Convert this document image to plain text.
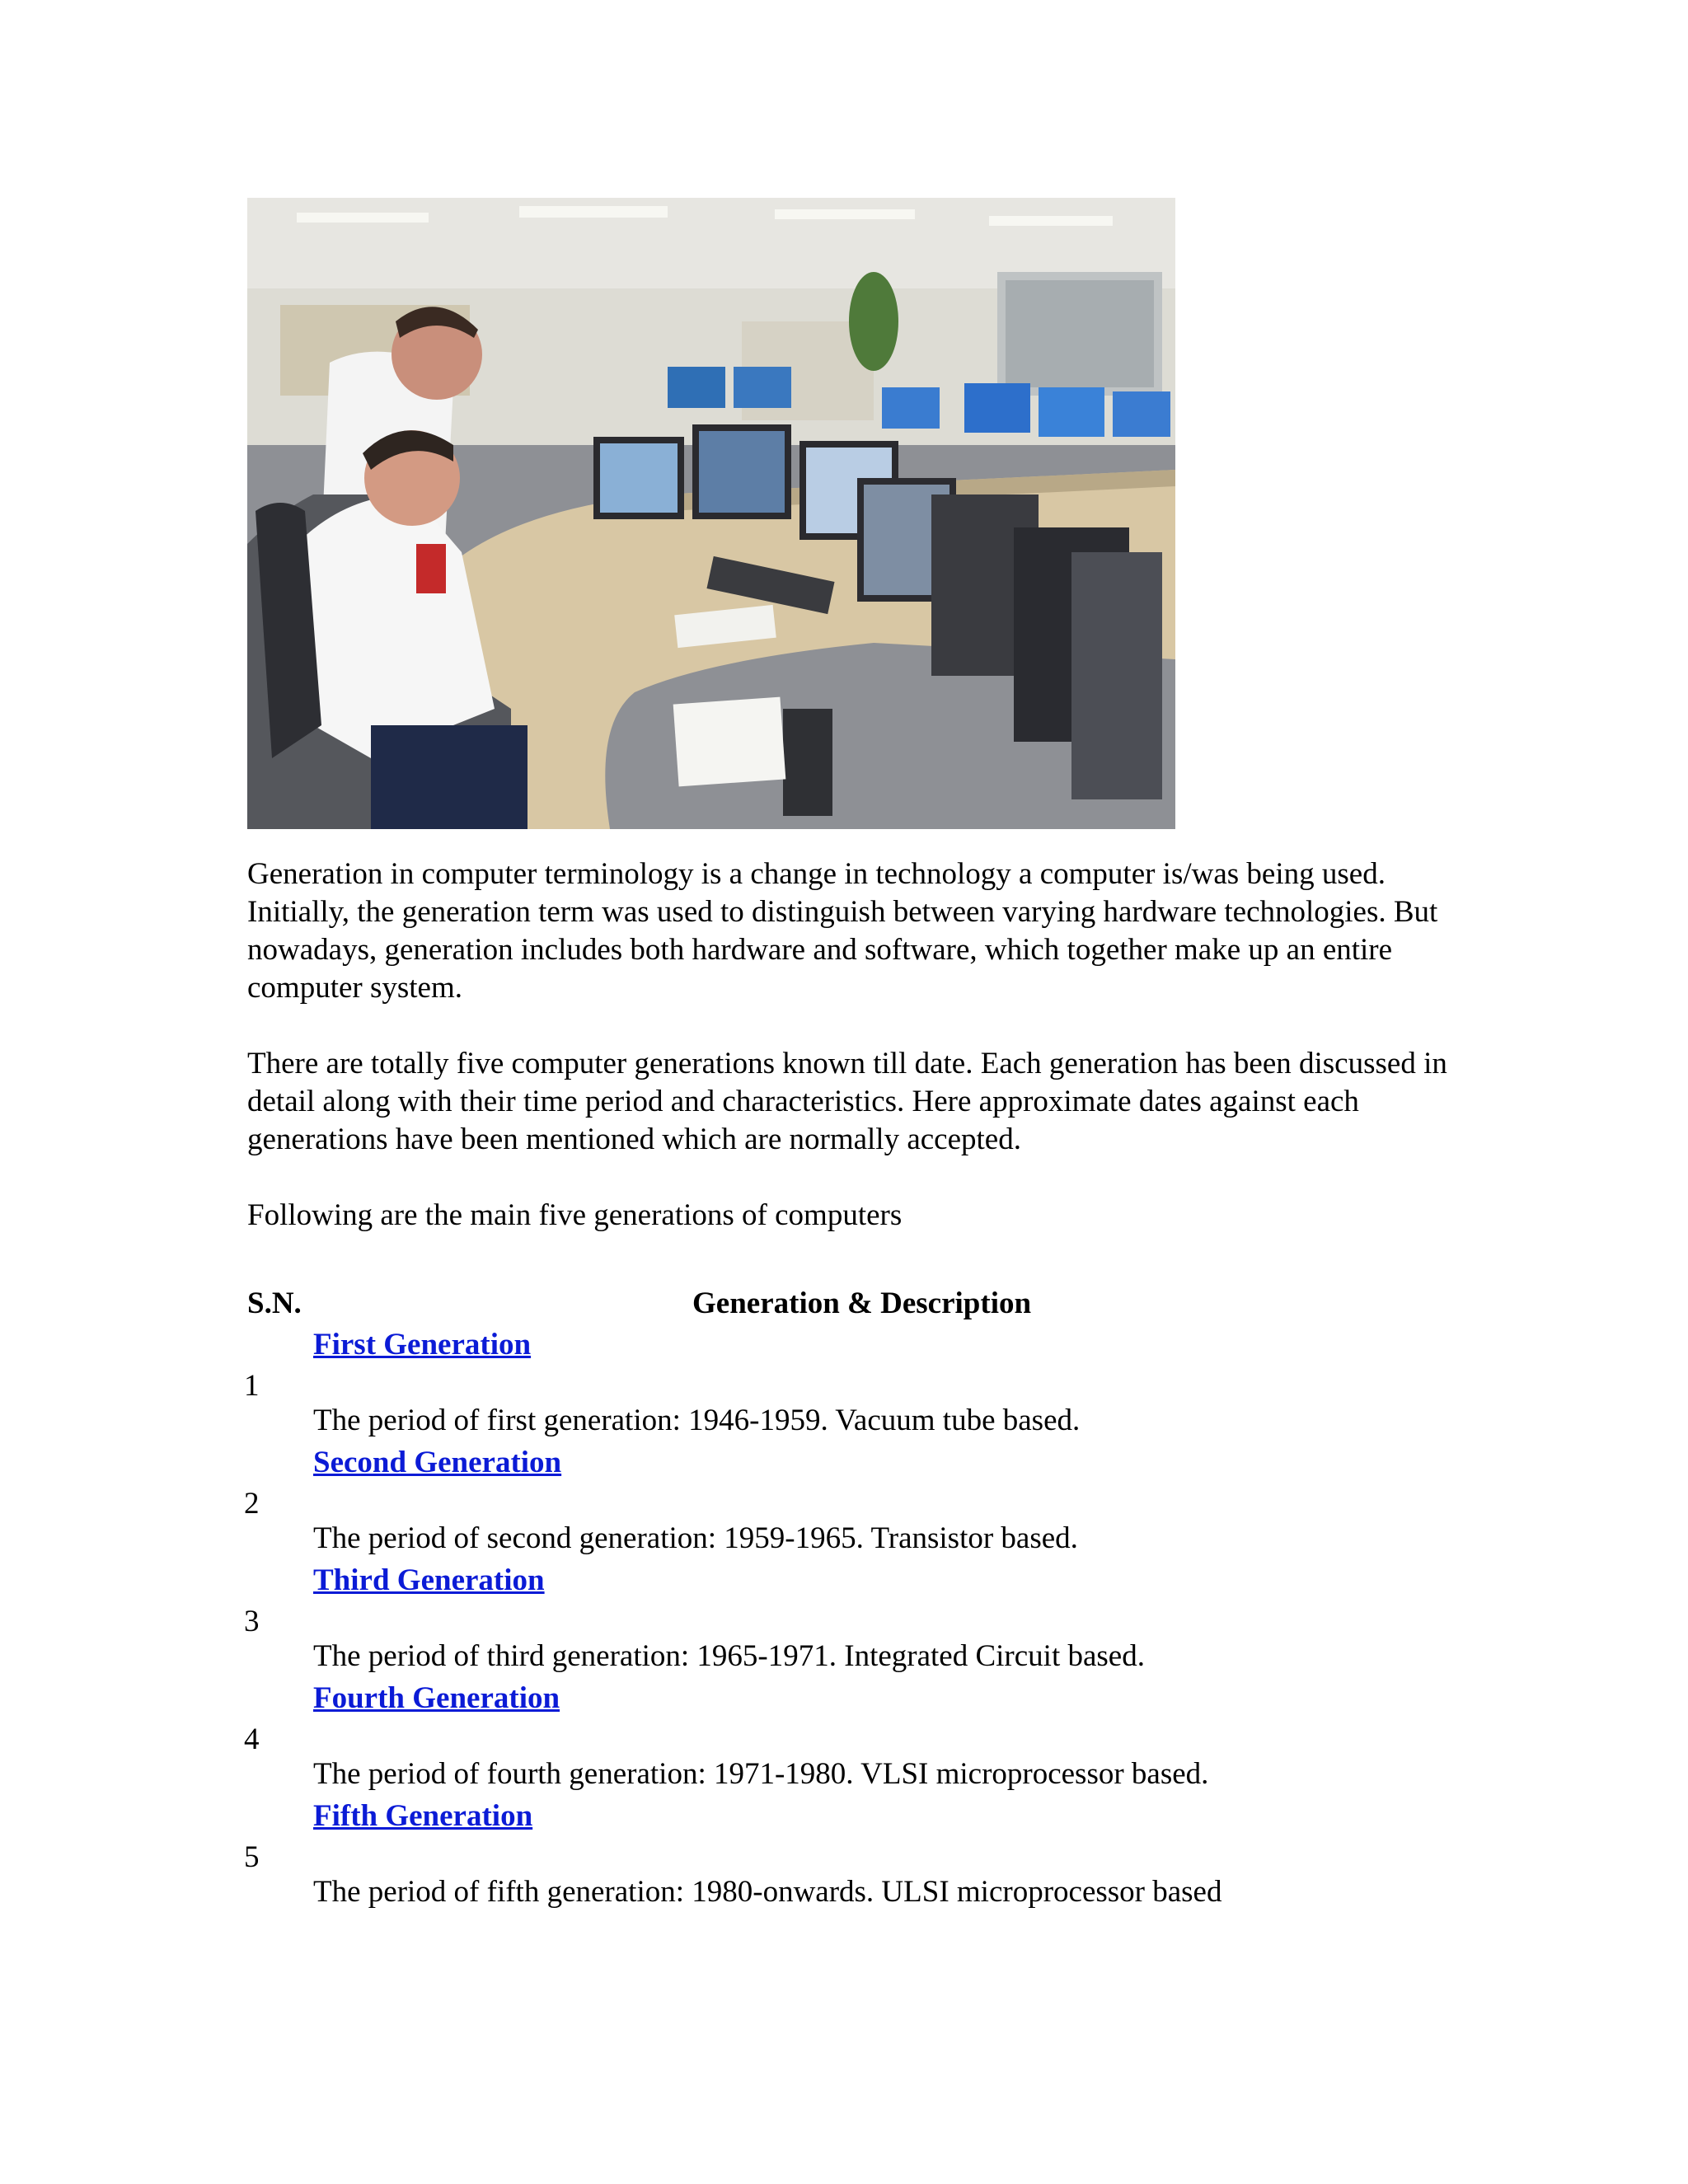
Generation in computer terminology is a change in technology a computer is/was being used. Initially, the generation term was used to distinguish between varying hardware technologies. But nowadays, generation includes both hardware and software, which together make up an entire computer system.

There are totally five computer generations known till date. Each generation has been discussed in detail along with their time period and characteristics. Here approximate dates against each generations have been mentioned which are normally accepted.

Following are the main five generations of computers

S.N.	Generation & Description
First Generation
1
The period of first generation: 1946-1959. Vacuum tube based.
Second Generation
2
The period of second generation: 1959-1965. Transistor based.
Third Generation
3
The period of third generation: 1965-1971. Integrated Circuit based.
Fourth Generation
4
The period of fourth generation: 1971-1980. VLSI microprocessor based.
Fifth Generation
5
The period of fifth generation: 1980-onwards. ULSI microprocessor based
